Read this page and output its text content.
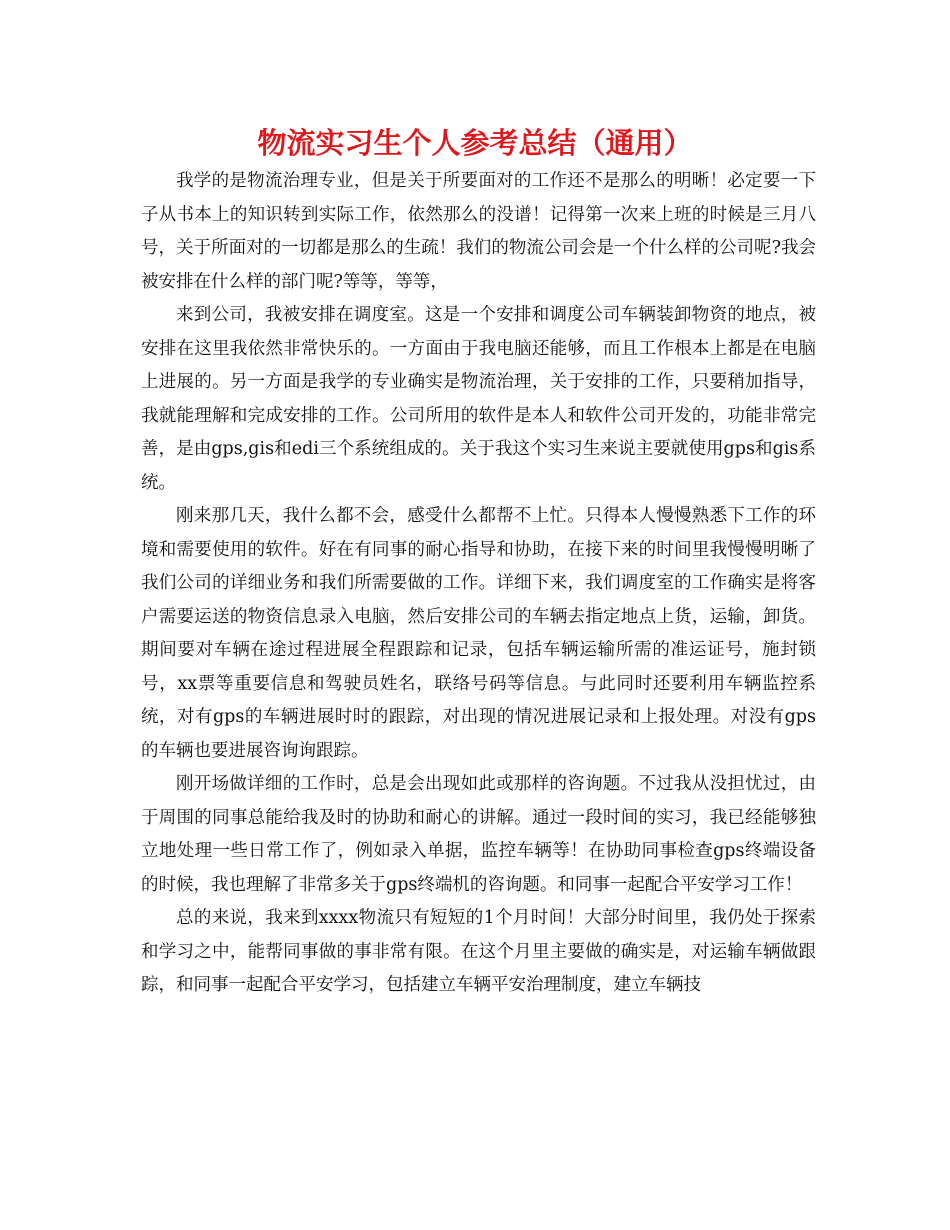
物流实习生个人参考总结（通用）

我学的是物流治理专业，但是关于所要面对的工作还不是那么的明晰！必定要一下子从书本上的知识转到实际工作，依然那么的没谱！记得第一次来上班的时候是三月八号，关于所面对的一切都是那么的生疏！我们的物流公司会是一个什么样的公司呢?我会被安排在什么样的部门呢?等等，等等，

来到公司，我被安排在调度室。这是一个安排和调度公司车辆装卸物资的地点，被安排在这里我依然非常快乐的。一方面由于我电脑还能够，而且工作根本上都是在电脑上进展的。另一方面是我学的专业确实是物流治理，关于安排的工作，只要稍加指导，我就能理解和完成安排的工作。公司所用的软件是本人和软件公司开发的，功能非常完善，是由gps,gis和edi三个系统组成的。关于我这个实习生来说主要就使用gps和gis系统。

刚来那几天，我什么都不会，感受什么都帮不上忙。只得本人慢慢熟悉下工作的环境和需要使用的软件。好在有同事的耐心指导和协助，在接下来的时间里我慢慢明晰了我们公司的详细业务和我们所需要做的工作。详细下来，我们调度室的工作确实是将客户需要运送的物资信息录入电脑，然后安排公司的车辆去指定地点上货，运输，卸货。期间要对车辆在途过程进展全程跟踪和记录，包括车辆运输所需的准运证号，施封锁号，xx票等重要信息和驾驶员姓名，联络号码等信息。与此同时还要利用车辆监控系统，对有gps的车辆进展时时的跟踪，对出现的情况进展记录和上报处理。对没有gps的车辆也要进展咨询询跟踪。

刚开场做详细的工作时，总是会出现如此或那样的咨询题。不过我从没担忧过，由于周围的同事总能给我及时的协助和耐心的讲解。通过一段时间的实习，我已经能够独立地处理一些日常工作了，例如录入单据，监控车辆等！在协助同事检查gps终端设备的时候，我也理解了非常多关于gps终端机的咨询题。和同事一起配合平安学习工作！

总的来说，我来到xxxx物流只有短短的1个月时间！大部分时间里，我仍处于探索和学习之中，能帮同事做的事非常有限。在这个月里主要做的确实是，对运输车辆做跟踪，和同事一起配合平安学习，包括建立车辆平安治理制度，建立车辆技
